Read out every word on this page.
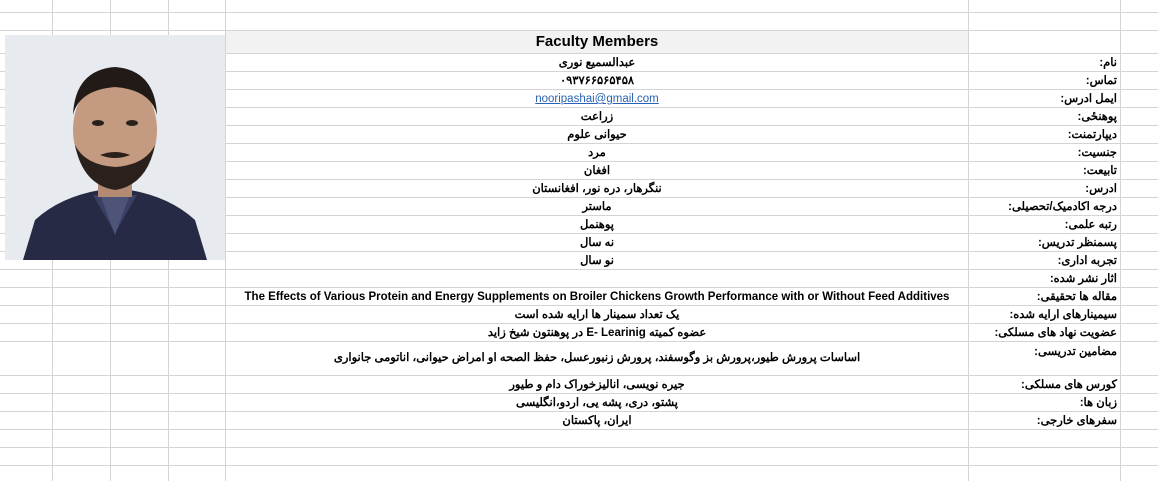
Faculty Members
نام:
تماس:
ایمل ادرس:
پوهنځی:
دیپارتمنت:
جنسیت:
تابیعت:
ادرس:
درجه اکادمیک/تحصیلی:
رتبه علمی:
پسمنظر تدریس:
تجربه اداری:
اثار نشر شده:
مقاله ها تحقیقی:
سیمینارهای ارایه شده:
عضویت نهاد های مسلکی:
مضامین تدریسی:
کورس های مسلکی:
زبان ها:
سفرهای خارجی:
عبدالسمیع نوری
۰۹۳۷۶۶۵۶۵۴۵۸
nooripashai@gmail.com
زراعت
حیوانی علوم
مرد
افغان
ننگرهار، دره نور، افغانستان
ماستر
پوهنمل
نه سال
نو سال
The Effects of Various Protein and Energy Supplements on Broiler Chickens Growth Performance with or Without Feed Additives
یک تعداد سمینار ها ارایه شده است
عضوه کمیته E- Learinig در پوهنتون شیخ زاید
اساسات پرورش طیور،پرورش بز وگوسفند، پرورش زنبورعسل، حفظ الصحه او امراض حیوانی، اناتومی جانواری
جیره نویسی، انالیزخوراک دام و طیور
پشتو، دری، پشه یی، اردو،انگلیسی
ایران، پاکستان
